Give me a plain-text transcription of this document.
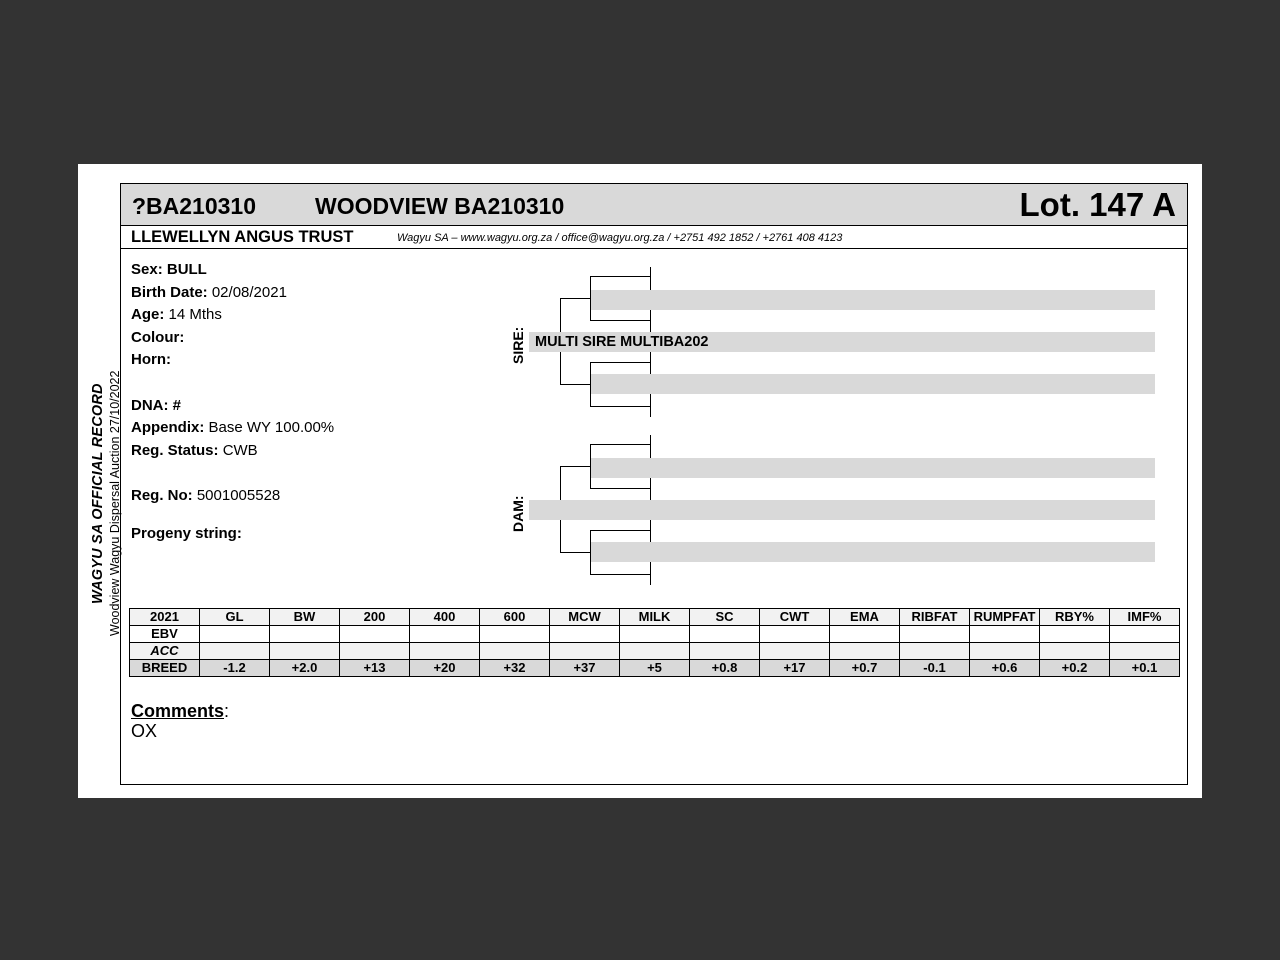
WAGYU SA OFFICIAL RECORD Woodview Wagyu Dispersal Auction 27/10/2022
?BA210310	WOODVIEW BA210310	Lot. 147 A
LLEWELLYN ANGUS TRUST	Wagyu SA – www.wagyu.org.za / office@wagyu.org.za / +2751 492 1852 / +2761 408 4123
Sex: BULL
Birth Date: 02/08/2021
Age: 14 Mths
Colour:
Horn:
DNA: #
Appendix: Base WY 100.00%
Reg. Status: CWB
Reg. No: 5001005528
Progeny string:
SIRE: MULTI SIRE MULTIBA202
DAM:
2021	GL	BW	200	400	600	MCW	MILK	SC	CWT	EMA	RIBFAT	RUMPFAT	RBY%	IMF%
EBV														
ACC														
BREED	-1.2	+2.0	+13	+20	+32	+37	+5	+0.8	+17	+0.7	-0.1	+0.6	+0.2	+0.1
Comments:
OX
